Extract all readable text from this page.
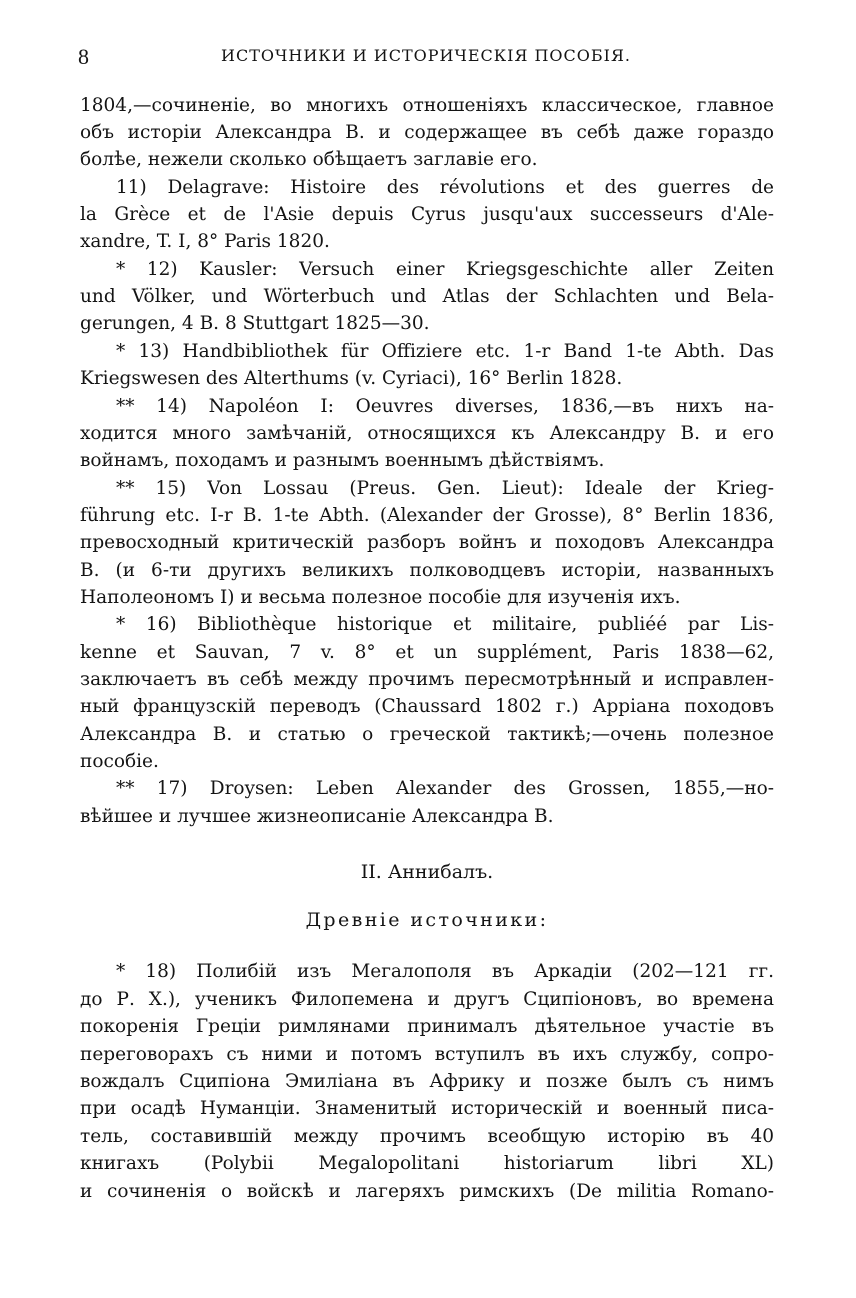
8	ИСТОЧНИКИ И ИСТОРИЧЕСКІЯ ПОСОБІЯ.
1804,—сочиненіе, во многихъ отношеніяхъ классическое, главное
объ исторіи Александра В. и содержащее въ себѣ даже гораздо
болѣе, нежели сколько обѣщаетъ заглавіе его.
11) Delagrave: Histoire des révolutions et des guerres de
la Grèce et de l'Asie depuis Cyrus jusqu'aux successeurs d'Ale-
xandre, T. I, 8° Paris 1820.
* 12) Kausler: Versuch einer Kriegsgeschichte aller Zeiten
und Völker, und Wörterbuch und Atlas der Schlachten und Bela-
gerungen, 4 B. 8 Stuttgart 1825—30.
* 13) Handbibliothek für Offiziere etc. 1-r Band 1-te Abth. Das
Kriegswesen des Alterthums (v. Cyriaci), 16° Berlin 1828.
** 14) Napoléon I: Oeuvres diverses, 1836,—въ нихъ на-
ходится много замѣчаній, относящихся къ Александру В. и его
войнамъ, походамъ и разнымъ военнымъ дѣйствіямъ.
** 15) Von Lossau (Preus. Gen. Lieut): Ideale der Krieg-
führung etc. I-r B. 1-te Abth. (Alexander der Grosse), 8° Berlin 1836,
превосходный критическій разборъ войнъ и походовъ Александра
В. (и 6-ти другихъ великихъ полководцевъ исторіи, названныхъ
Наполеономъ I) и весьма полезное пособіе для изученія ихъ.
* 16) Bibliothèque historique et militaire, publiéé par Lis-
kenne et Sauvan, 7 v. 8° et un supplément, Paris 1838—62,
заключаетъ въ себѣ между прочимъ пересмотрѣнный и исправлен-
ный французскій переводъ (Chaussard 1802 г.) Арріана походовъ
Александра В. и статью о греческой тактикѣ;—очень полезное
пособіе.
** 17) Droysen: Leben Alexander des Grossen, 1855,—но-
вѣйшее и лучшее жизнеописаніе Александра В.
II. Аннибалъ.
Древніе источники:
* 18) Полибій изъ Мегалополя въ Аркадіи (202—121 гг.
до Р. Х.), ученикъ Филопемена и другъ Сципіоновъ, во времена
покоренія Греціи римлянами принималъ дѣятельное участіе въ
переговорахъ съ ними и потомъ вступилъ въ ихъ службу, сопро-
вождалъ Сципіона Эмиліана въ Африку и позже былъ съ нимъ
при осадѣ Нуманціи. Знаменитый историческій и военный писа-
тель, составившій между прочимъ всеобщую исторію въ 40
книгахъ (Polybii Megalopolitani historiarum libri XL)
и сочиненія о войскѣ и лагеряхъ римскихъ (De militia Romano-
